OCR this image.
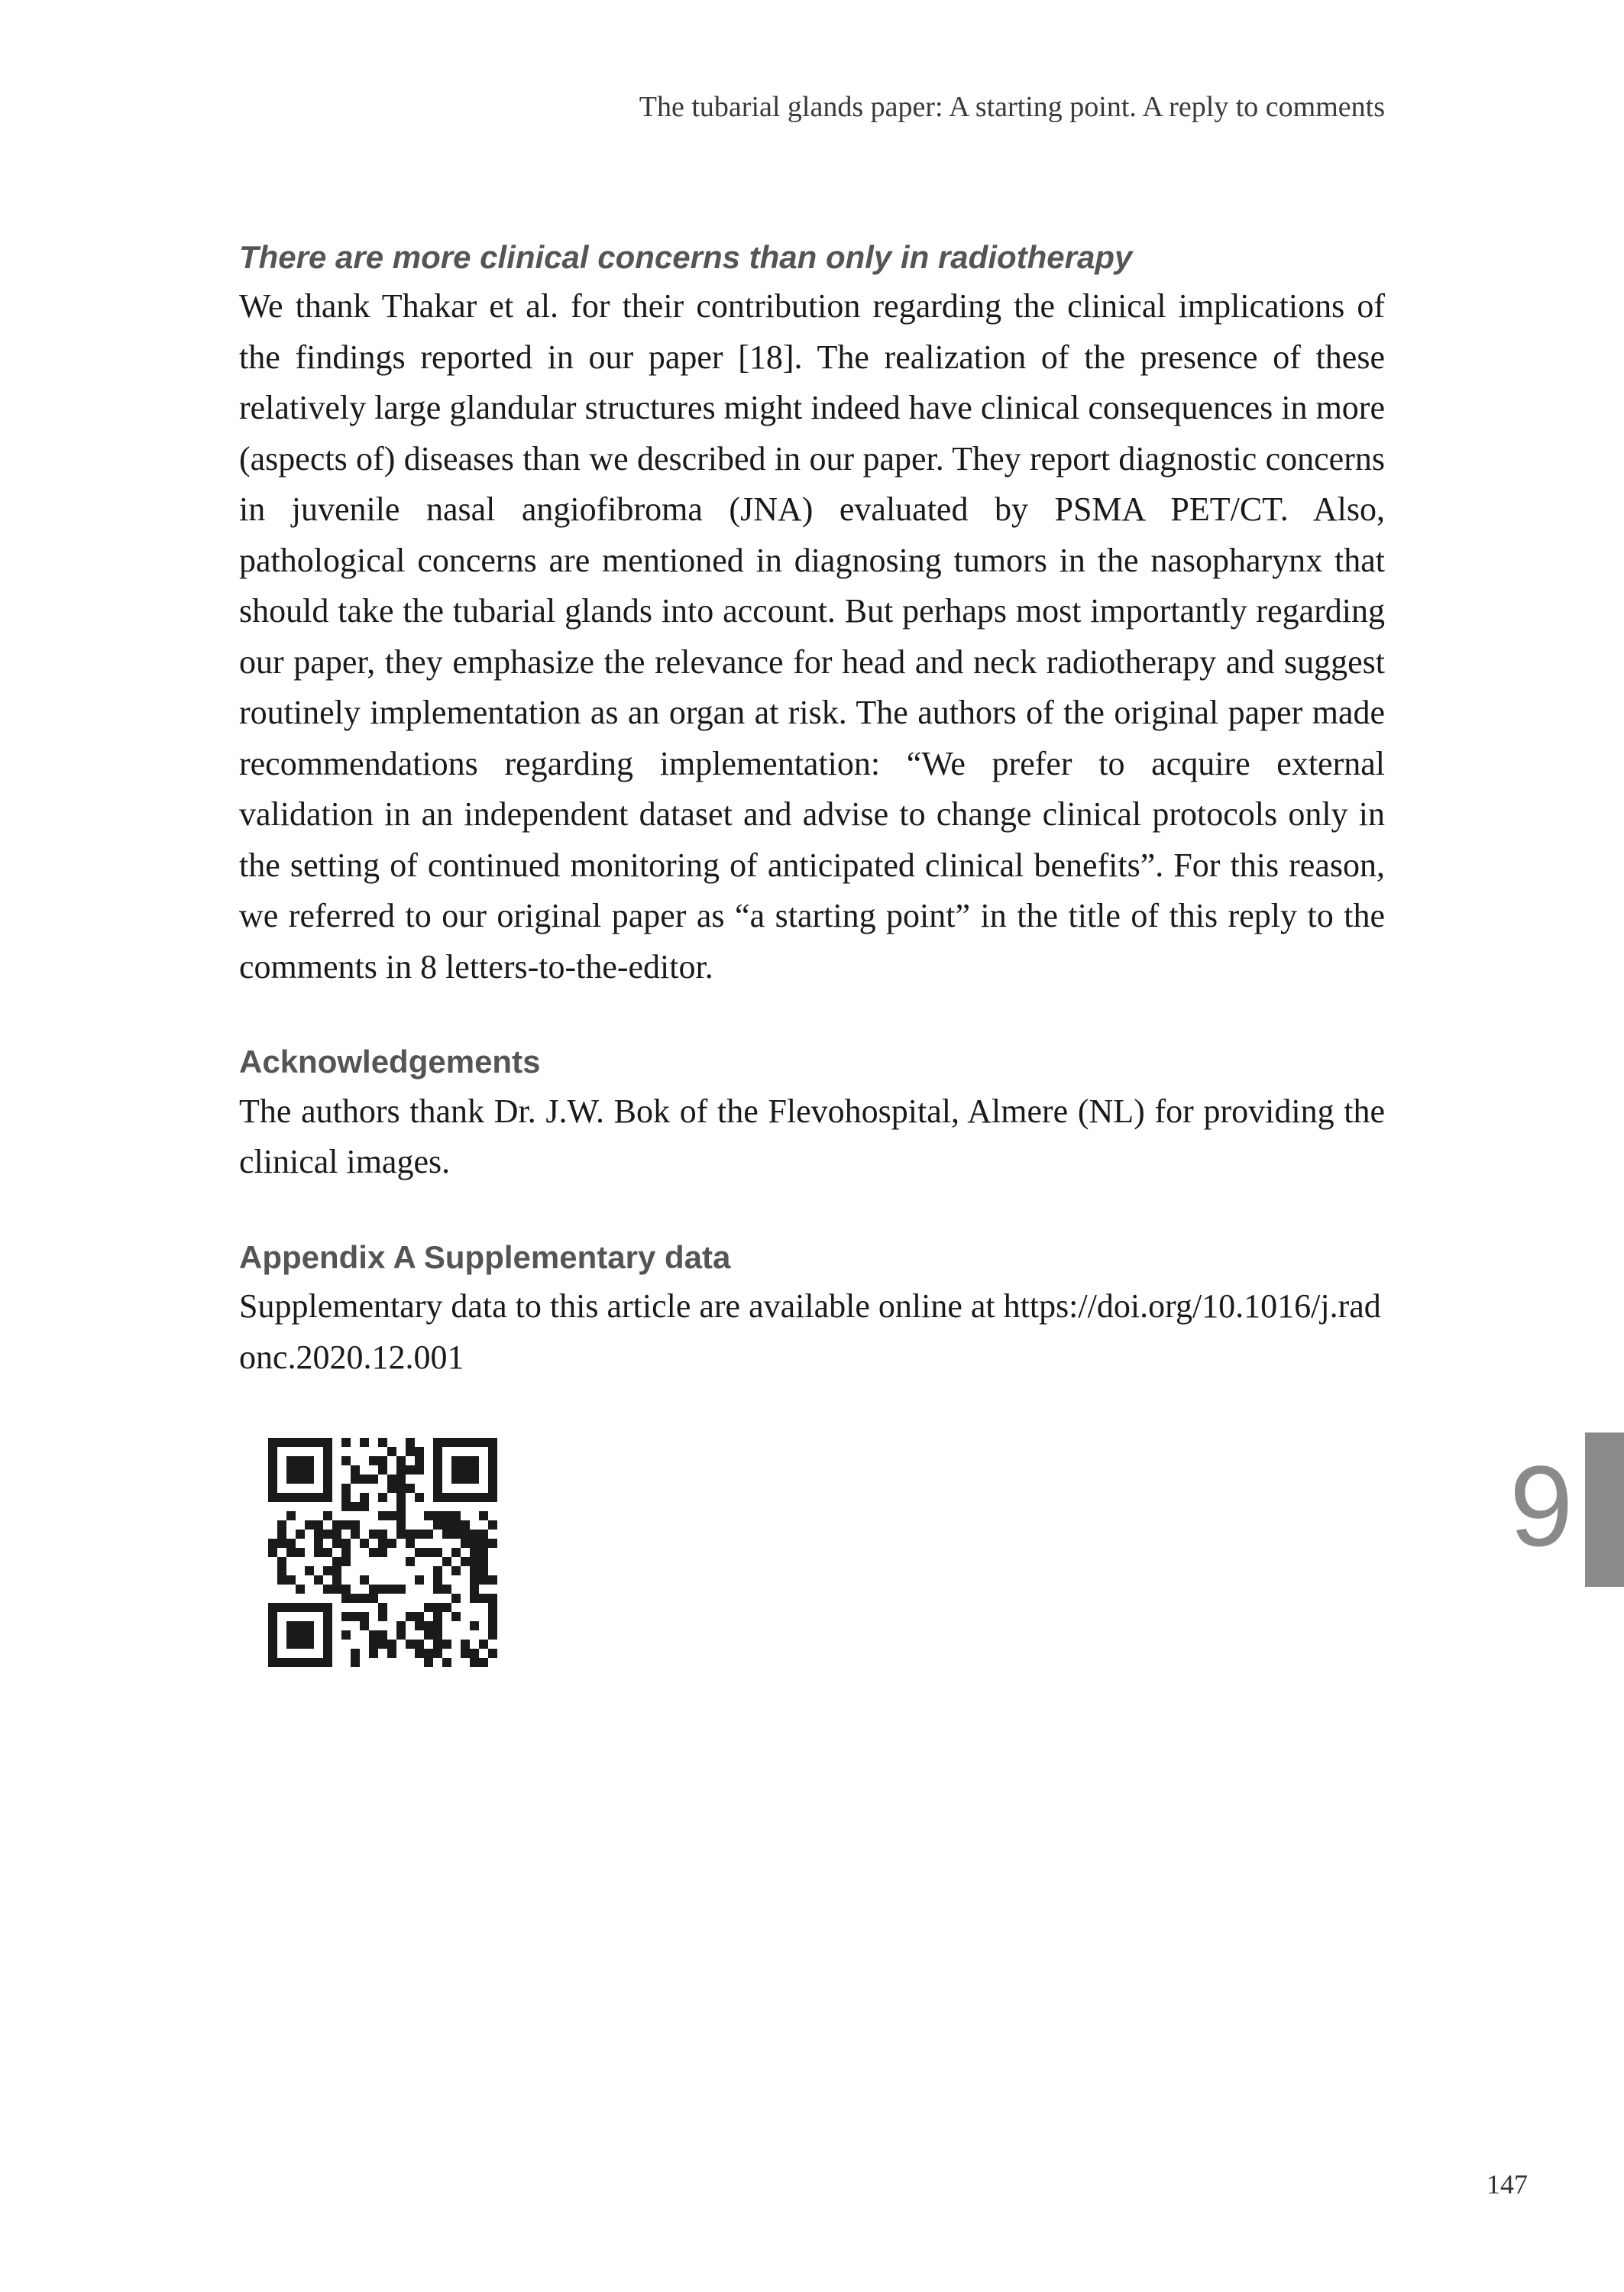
The tubarial glands paper: A starting point. A reply to comments
There are more clinical concerns than only in radiotherapy

We thank Thakar et al. for their contribution regarding the clinical implications of the findings reported in our paper [18]. The realization of the presence of these relatively large glandular structures might indeed have clinical consequences in more (aspects of) diseases than we described in our paper. They report diagnostic concerns in juvenile nasal angiofibroma (JNA) evaluated by PSMA PET/CT. Also, pathological concerns are mentioned in diagnosing tumors in the nasopharynx that should take the tubarial glands into account. But perhaps most importantly regarding our paper, they emphasize the relevance for head and neck radiotherapy and suggest routinely implementation as an organ at risk. The authors of the original paper made recommendations regarding implementation: “We prefer to acquire external validation in an independent dataset and advise to change clinical protocols only in the setting of continued monitoring of anticipated clinical benefits”. For this reason, we referred to our original paper as “a starting point” in the title of this reply to the comments in 8 letters-to-the-editor.

Acknowledgements

The authors thank Dr. J.W. Bok of the Flevohospital, Almere (NL) for providing the clinical images.

Appendix A Supplementary data

Supplementary data to this article are available online at https://doi.org/10.1016/j.radonc.2020.12.001

9
147
